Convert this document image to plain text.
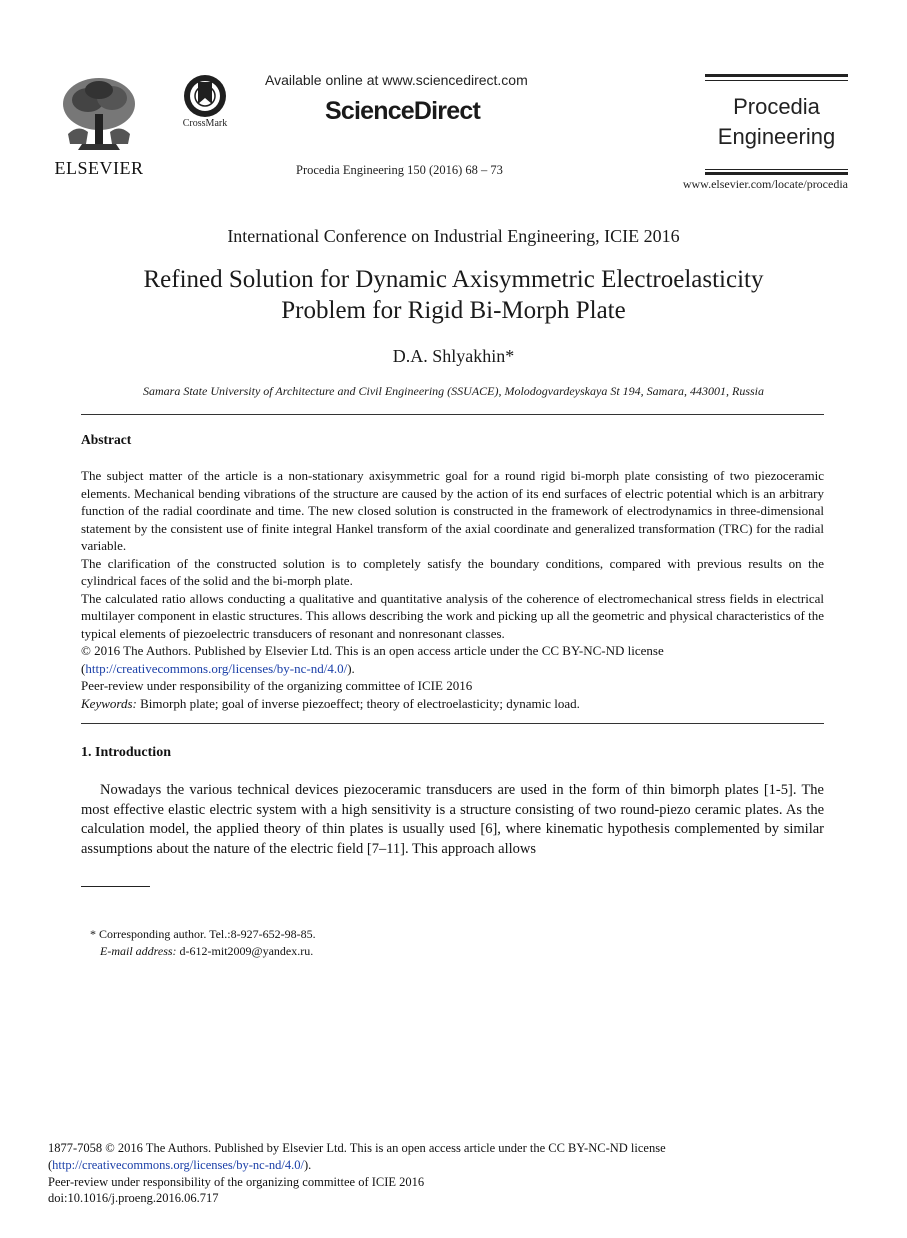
ELSEVIER
CrossMark
Available online at www.sciencedirect.com
ScienceDirect
Procedia Engineering 150 (2016) 68 – 73
Procedia
Engineering
www.elsevier.com/locate/procedia
International Conference on Industrial Engineering, ICIE 2016
Refined Solution for Dynamic Axisymmetric Electroelasticity
Problem for Rigid Bi-Morph Plate
D.A. Shlyakhin*
Samara State University of Architecture and Civil Engineering (SSUACE), Molodogvardeyskaya St 194, Samara, 443001, Russia
Abstract

The subject matter of the article is a non-stationary axisymmetric goal for a round rigid bi-morph plate consisting of two piezoceramic elements. Mechanical bending vibrations of the structure are caused by the action of its end surfaces of electric potential which is an arbitrary function of the radial coordinate and time. The new closed solution is constructed in the framework of electrodynamics in three-dimensional statement by the consistent use of finite integral Hankel transform of the axial coordinate and generalized transformation (TRC) for the radial variable.

The clarification of the constructed solution is to completely satisfy the boundary conditions, compared with previous results on the cylindrical faces of the solid and the bi-morph plate.

The calculated ratio allows conducting a qualitative and quantitative analysis of the coherence of electromechanical stress fields in electrical multilayer component in elastic structures. This allows describing the work and picking up all the geometric and physical characteristics of the typical elements of piezoelectric transducers of resonant and nonresonant classes.

© 2016 The Authors. Published by Elsevier Ltd. This is an open access article under the CC BY-NC-ND license

(http://creativecommons.org/licenses/by-nc-nd/4.0/).

Peer-review under responsibility of the organizing committee of ICIE 2016

Keywords: Bimorph plate; goal of inverse piezoeffect; theory of electroelasticity; dynamic load.

1. Introduction

Nowadays the various technical devices piezoceramic transducers are used in the form of thin bimorph plates [1-5]. The most effective elastic electric system with a high sensitivity is a structure consisting of two round-piezo ceramic plates. As the calculation model, the applied theory of thin plates is usually used [6], where kinematic hypothesis complemented by similar assumptions about the nature of the electric field [7–11]. This approach allows

* Corresponding author. Tel.:8-927-652-98-85.
E-mail address: d-612-mit2009@yandex.ru.
1877-7058 © 2016 The Authors. Published by Elsevier Ltd. This is an open access article under the CC BY-NC-ND license
(http://creativecommons.org/licenses/by-nc-nd/4.0/).
Peer-review under responsibility of the organizing committee of ICIE 2016
doi:10.1016/j.proeng.2016.06.717
